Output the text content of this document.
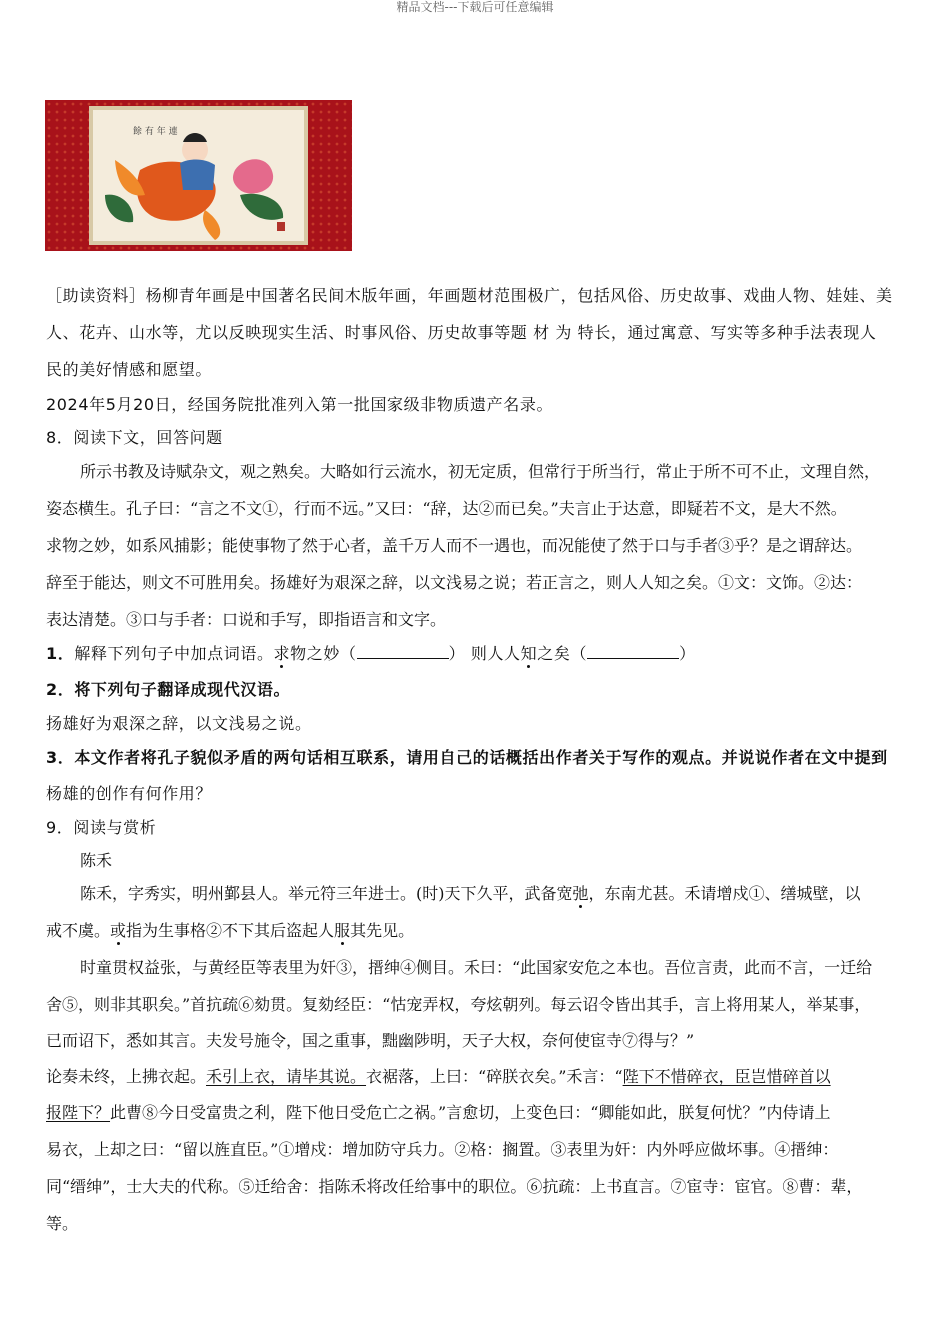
精品文档---下载后可任意编辑
餘 有 年 連
［助读资料］杨柳青年画是中国著名民间木版年画，年画题材范围极广，包括风俗、历史故事、戏曲人物、娃娃、美
人、花卉、山水等，尤以反映现实生活、时事风俗、历史故事等题 材 为 特长，通过寓意、写实等多种手法表现人
民的美好情感和愿望。
2024年5月20日，经国务院批准列入第一批国家级非物质遗产名录。
8．阅读下文，回答问题
所示书教及诗赋杂文，观之熟矣。大略如行云流水，初无定质，但常行于所当行，常止于所不可不止，文理自然，
姿态横生。孔子曰：“言之不文①，行而不远。”又曰：“辞，达②而已矣。”夫言止于达意，即疑若不文，是大不然。
求物之妙，如系风捕影；能使事物了然于心者，盖千万人而不一遇也，而况能使了然于口与手者③乎？是之谓辞达。
辞至于能达，则文不可胜用矣。扬雄好为艰深之辞，以文浅易之说；若正言之，则人人知之矣。①文：文饰。②达：
表达清楚。③口与手者：口说和手写，即指语言和文字。
1．解释下列句子中加点词语。求物之妙（	） 则人人知之矣（	）
2．将下列句子翻译成现代汉语。
扬雄好为艰深之辞，以文浅易之说。
3．本文作者将孔子貌似矛盾的两句话相互联系，请用自己的话概括出作者关于写作的观点。并说说作者在文中提到
杨雄的创作有何作用？
9．阅读与赏析
陈禾
陈禾，字秀实，明州鄞县人。举元符三年进士。(时)天下久平，武备宽弛，东南尤甚。禾请增戍①、缮城壁，以
戒不虞。或指为生事格②不下其后盗起人服其先见。
时童贯权益张，与黄经臣等表里为奸③，搢绅④侧目。禾曰：“此国家安危之本也。吾位言责，此而不言，一迁给
舍⑤，则非其职矣。”首抗疏⑥劾贯。复劾经臣：“怙宠弄权，夸炫朝列。每云诏令皆出其手，言上将用某人，举某事，
已而诏下，悉如其言。夫发号施令，国之重事，黜幽陟明，天子大权，奈何使宦寺⑦得与？”
论奏未终，上拂衣起。禾引上衣，请毕其说。衣裾落，上曰：“碎朕衣矣。”禾言：“陛下不惜碎衣，臣岂惜碎首以
报陛下？此曹⑧今日受富贵之利，陛下他日受危亡之祸。”言愈切，上变色曰：“卿能如此，朕复何忧？”内侍请上
易衣，上却之曰：“留以旌直臣。”①增戍：增加防守兵力。②格：搁置。③表里为奸：内外呼应做坏事。④搢绅：
同“缙绅”，士大夫的代称。⑤迁给舍：指陈禾将改任给事中的职位。⑥抗疏：上书直言。⑦宦寺：宦官。⑧曹：辈，
等。
